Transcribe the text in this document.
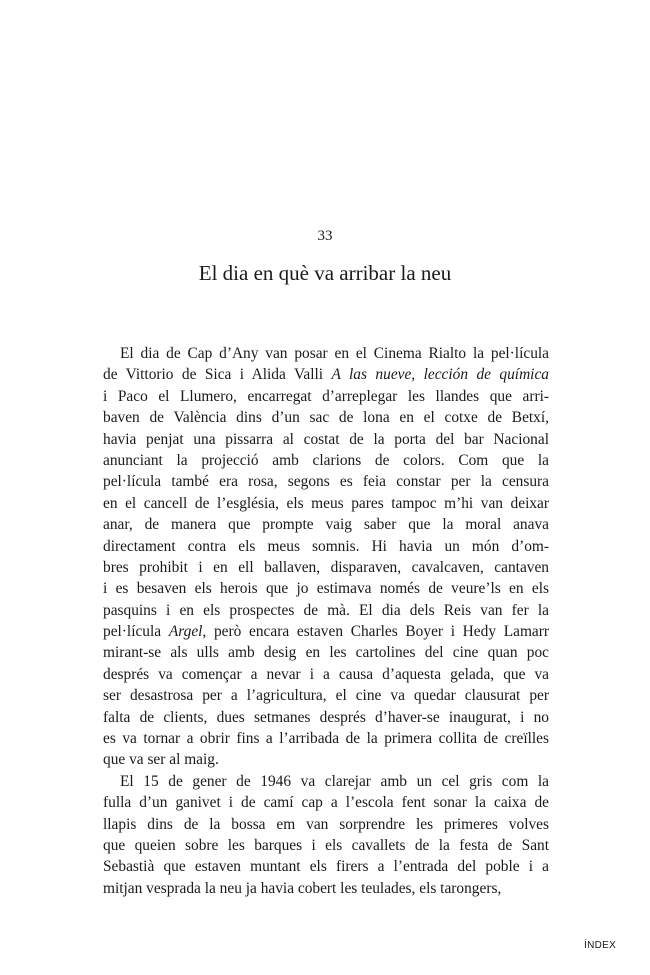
33
El dia en què va arribar la neu
El dia de Cap d’Any van posar en el Cinema Rialto la pel·lícula
de Vittorio de Sica i Alida Valli A las nueve, lección de química
i Paco el Llumero, encarregat d’arreplegar les llandes que arri-
baven de València dins d’un sac de lona en el cotxe de Betxí,
havia penjat una pissarra al costat de la porta del bar Nacional
anunciant la projecció amb clarions de colors. Com que la
pel·lícula també era rosa, segons es feia constar per la censura
en el cancell de l’església, els meus pares tampoc m’hi van deixar
anar, de manera que prompte vaig saber que la moral anava
directament contra els meus somnis. Hi havia un món d’om-
bres prohibit i en ell ballaven, disparaven, cavalcaven, cantaven
i es besaven els herois que jo estimava només de veure’ls en els
pasquins i en els prospectes de mà. El dia dels Reis van fer la
pel·lícula Argel, però encara estaven Charles Boyer i Hedy Lamarr
mirant-se als ulls amb desig en les cartolines del cine quan poc
després va començar a nevar i a causa d’aquesta gelada, que va
ser desastrosa per a l’agricultura, el cine va quedar clausurat per
falta de clients, dues setmanes després d’haver-se inaugurat, i no
es va tornar a obrir fins a l’arribada de la primera collita de creïlles
que va ser al maig.
El 15 de gener de 1946 va clarejar amb un cel gris com la
fulla d’un ganivet i de camí cap a l’escola fent sonar la caixa de
llapis dins de la bossa em van sorprendre les primeres volves
que queien sobre les barques i els cavallets de la festa de Sant
Sebastià que estaven muntant els firers a l’entrada del poble i a
mitjan vesprada la neu ja havia cobert les teulades, els tarongers,
ÍNDEX
